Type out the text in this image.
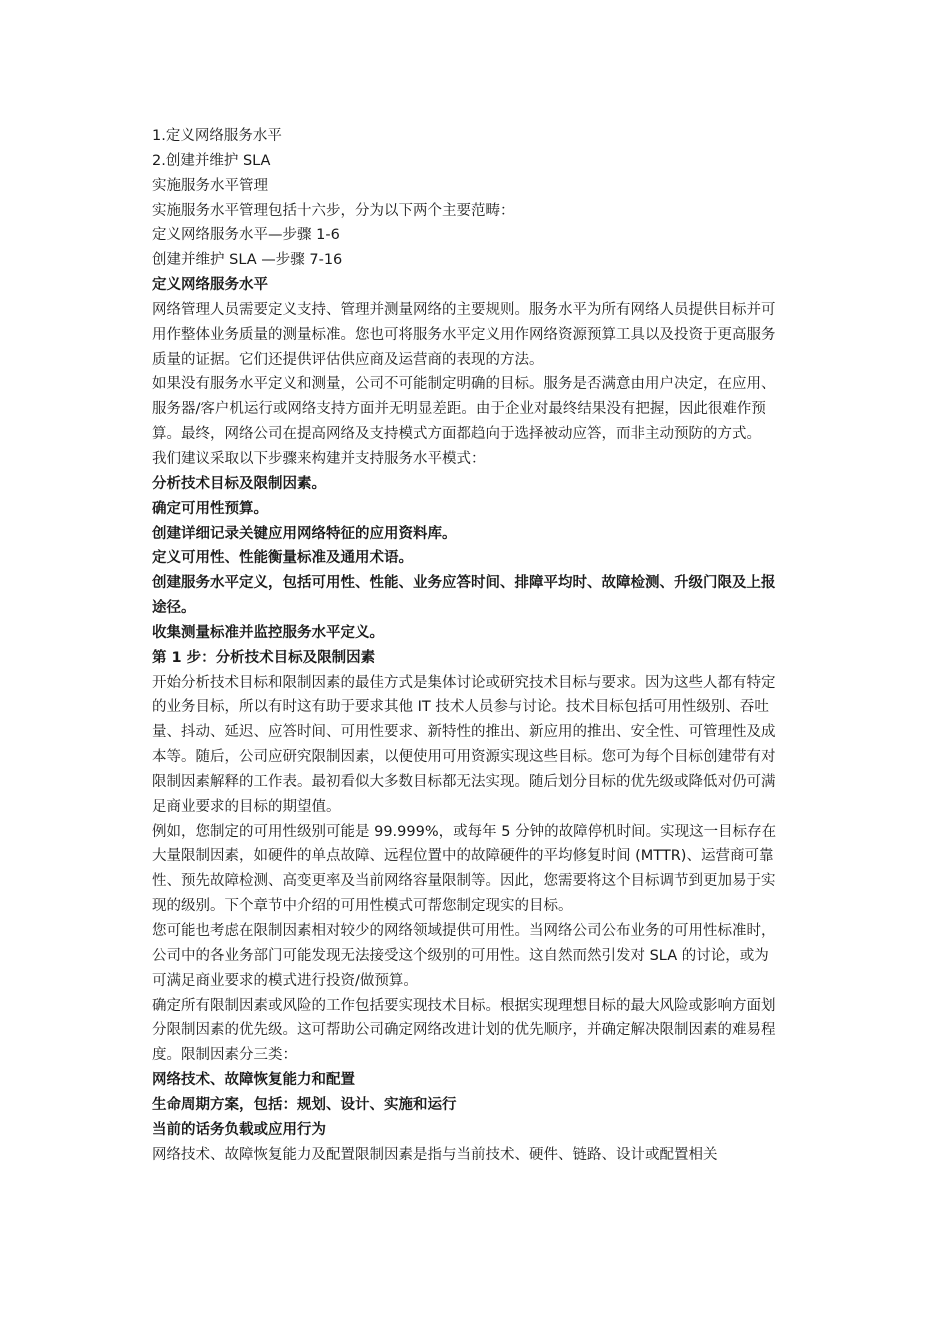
1.定义网络服务水平

2.创建并维护 SLA

实施服务水平管理

实施服务水平管理包括十六步，分为以下两个主要范畴：

定义网络服务水平—步骤 1-6

创建并维护 SLA —步骤 7-16

定义网络服务水平

网络管理人员需要定义支持、管理并测量网络的主要规则。服务水平为所有网络人员提供目标并可用作整体业务质量的测量标准。您也可将服务水平定义用作网络资源预算工具以及投资于更高服务质量的证据。它们还提供评估供应商及运营商的表现的方法。

如果没有服务水平定义和测量，公司不可能制定明确的目标。服务是否满意由用户决定，在应用、服务器/客户机运行或网络支持方面并无明显差距。由于企业对最终结果没有把握，因此很难作预算。最终，网络公司在提高网络及支持模式方面都趋向于选择被动应答，而非主动预防的方式。

我们建议采取以下步骤来构建并支持服务水平模式：

分析技术目标及限制因素。

确定可用性预算。

创建详细记录关键应用网络特征的应用资料库。

定义可用性、性能衡量标准及通用术语。

创建服务水平定义，包括可用性、性能、业务应答时间、排障平均时、故障检测、升级门限及上报途径。

收集测量标准并监控服务水平定义。

第 1 步：分析技术目标及限制因素

开始分析技术目标和限制因素的最佳方式是集体讨论或研究技术目标与要求。因为这些人都有特定的业务目标，所以有时这有助于要求其他 IT 技术人员参与讨论。技术目标包括可用性级别、吞吐量、抖动、延迟、应答时间、可用性要求、新特性的推出、新应用的推出、安全性、可管理性及成本等。随后，公司应研究限制因素，以便使用可用资源实现这些目标。您可为每个目标创建带有对限制因素解释的工作表。最初看似大多数目标都无法实现。随后划分目标的优先级或降低对仍可满足商业要求的目标的期望值。

例如，您制定的可用性级别可能是 99.999%，或每年 5 分钟的故障停机时间。实现这一目标存在大量限制因素，如硬件的单点故障、远程位置中的故障硬件的平均修复时间 (MTTR)、运营商可靠性、预先故障检测、高变更率及当前网络容量限制等。因此，您需要将这个目标调节到更加易于实现的级别。下个章节中介绍的可用性模式可帮您制定现实的目标。

您可能也考虑在限制因素相对较少的网络领域提供可用性。当网络公司公布业务的可用性标准时，公司中的各业务部门可能发现无法接受这个级别的可用性。这自然而然引发对 SLA 的讨论，或为可满足商业要求的模式进行投资/做预算。

确定所有限制因素或风险的工作包括要实现技术目标。根据实现理想目标的最大风险或影响方面划分限制因素的优先级。这可帮助公司确定网络改进计划的优先顺序，并确定解决限制因素的难易程度。限制因素分三类：

网络技术、故障恢复能力和配置

生命周期方案，包括：规划、设计、实施和运行

当前的话务负载或应用行为

网络技术、故障恢复能力及配置限制因素是指与当前技术、硬件、链路、设计或配置相关
